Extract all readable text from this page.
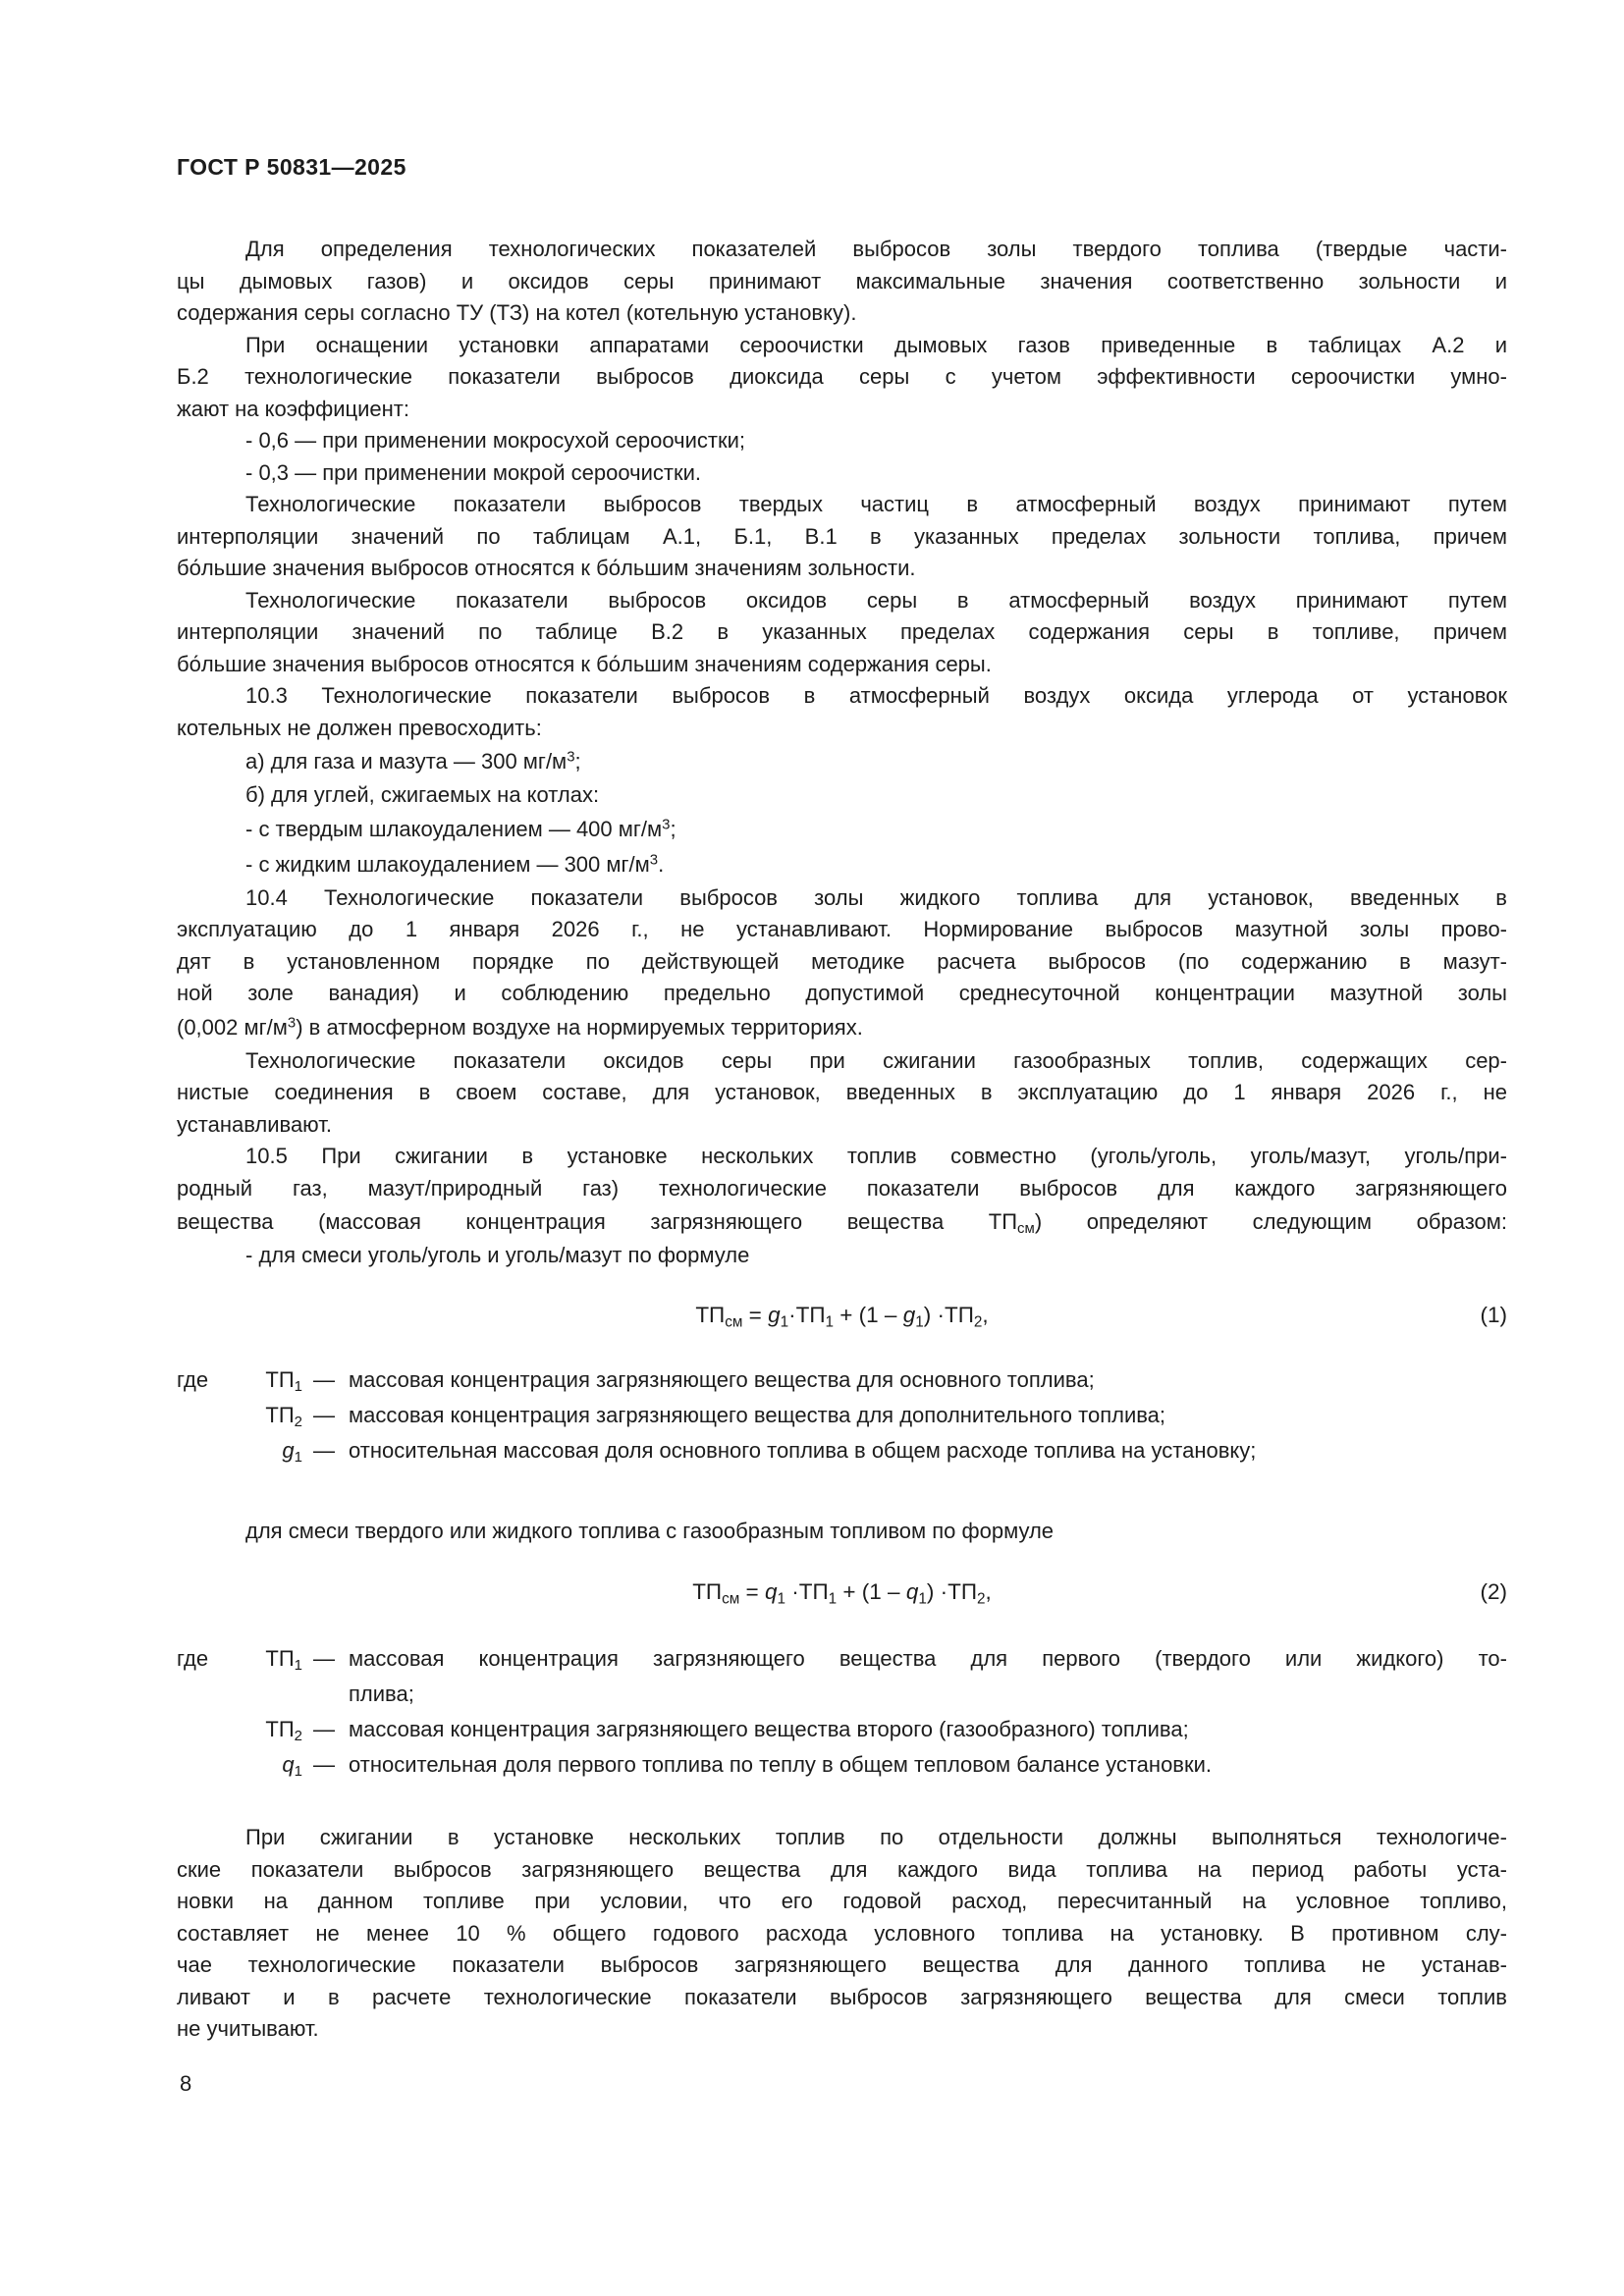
ГОСТ Р 50831—2025
Для определения технологических показателей выбросов золы твердого топлива (твердые части-
цы дымовых газов) и оксидов серы принимают максимальные значения соответственно зольности и
содержания серы согласно ТУ (ТЗ) на котел (котельную установку).
При оснащении установки аппаратами сероочистки дымовых газов приведенные в таблицах А.2 и
Б.2 технологические показатели выбросов диоксида серы с учетом эффективности сероочистки умно-
жают на коэффициент:
- 0,6 — при применении мокросухой сероочистки;
- 0,3 — при применении мокрой сероочистки.
Технологические показатели выбросов твердых частиц в атмосферный воздух принимают путем
интерполяции значений по таблицам А.1, Б.1, В.1 в указанных пределах зольности топлива, причем
бо́льшие значения выбросов относятся к бо́льшим значениям зольности.
Технологические показатели выбросов оксидов серы в атмосферный воздух принимают путем
интерполяции значений по таблице В.2 в указанных пределах содержания серы в топливе, причем
бо́льшие значения выбросов относятся к бо́льшим значениям содержания серы.
10.3 Технологические показатели выбросов в атмосферный воздух оксида углерода от установок
котельных не должен превосходить:
а) для газа и мазута — 300 $мг/м^3$;
б) для углей, сжигаемых на котлах:
- с твердым шлакоудалением — 400 $мг/м^3$;
- с жидким шлакоудалением — 300 $мг/м^3$.
10.4 Технологические показатели выбросов золы жидкого топлива для установок, введенных в
эксплуатацию до 1 января 2026 г., не устанавливают. Нормирование выбросов мазутной золы прово-
дят в установленном порядке по действующей методике расчета выбросов (по содержанию в мазут-
ной золе ванадия) и соблюдению предельно допустимой среднесуточной концентрации мазутной золы
(0,002 $мг/м^3$) в атмосферном воздухе на нормируемых территориях.
Технологические показатели оксидов серы при сжигании газообразных топлив, содержащих сер-
нистые соединения в своем составе, для установок, введенных в эксплуатацию до 1 января 2026 г., не
устанавливают.
10.5 При сжигании в установке нескольких топлив совместно (уголь/уголь, уголь/мазут, уголь/при-
родный газ, мазут/природный газ) технологические показатели выбросов для каждого загрязняющего
вещества (массовая концентрация загрязняющего вещества $ТП_{см}$) определяют следующим образом:
- для смеси уголь/уголь и уголь/мазут по формуле
$ТП_{см} = g_1\cdot ТП_1 + (1 - g_1) \cdot ТП_2$,	(1)
где	$ТП_1$ — массовая концентрация загрязняющего вещества для основного топлива;
$ТП_2$ — массовая концентрация загрязняющего вещества для дополнительного топлива;
$g_1$ — относительная массовая доля основного топлива в общем расходе топлива на установку;
для смеси твердого или жидкого топлива с газообразным топливом по формуле
$ТП_{см} = q_1 \cdot ТП_1 + (1 - q_1) \cdot ТП_2$,	(2)
где	$ТП_1$ — массовая концентрация загрязняющего вещества для первого (твердого или жидкого) то-
плива;
$ТП_2$ — массовая концентрация загрязняющего вещества второго (газообразного) топлива;
$q_1$ — относительная доля первого топлива по теплу в общем тепловом балансе установки.
При сжигании в установке нескольких топлив по отдельности должны выполняться технологиче-
ские показатели выбросов загрязняющего вещества для каждого вида топлива на период работы уста-
новки на данном топливе при условии, что его годовой расход, пересчитанный на условное топливо,
составляет не менее 10 % общего годового расхода условного топлива на установку. В противном слу-
чае технологические показатели выбросов загрязняющего вещества для данного топлива не устанав-
ливают и в расчете технологические показатели выбросов загрязняющего вещества для смеси топлив
не учитывают.
8
